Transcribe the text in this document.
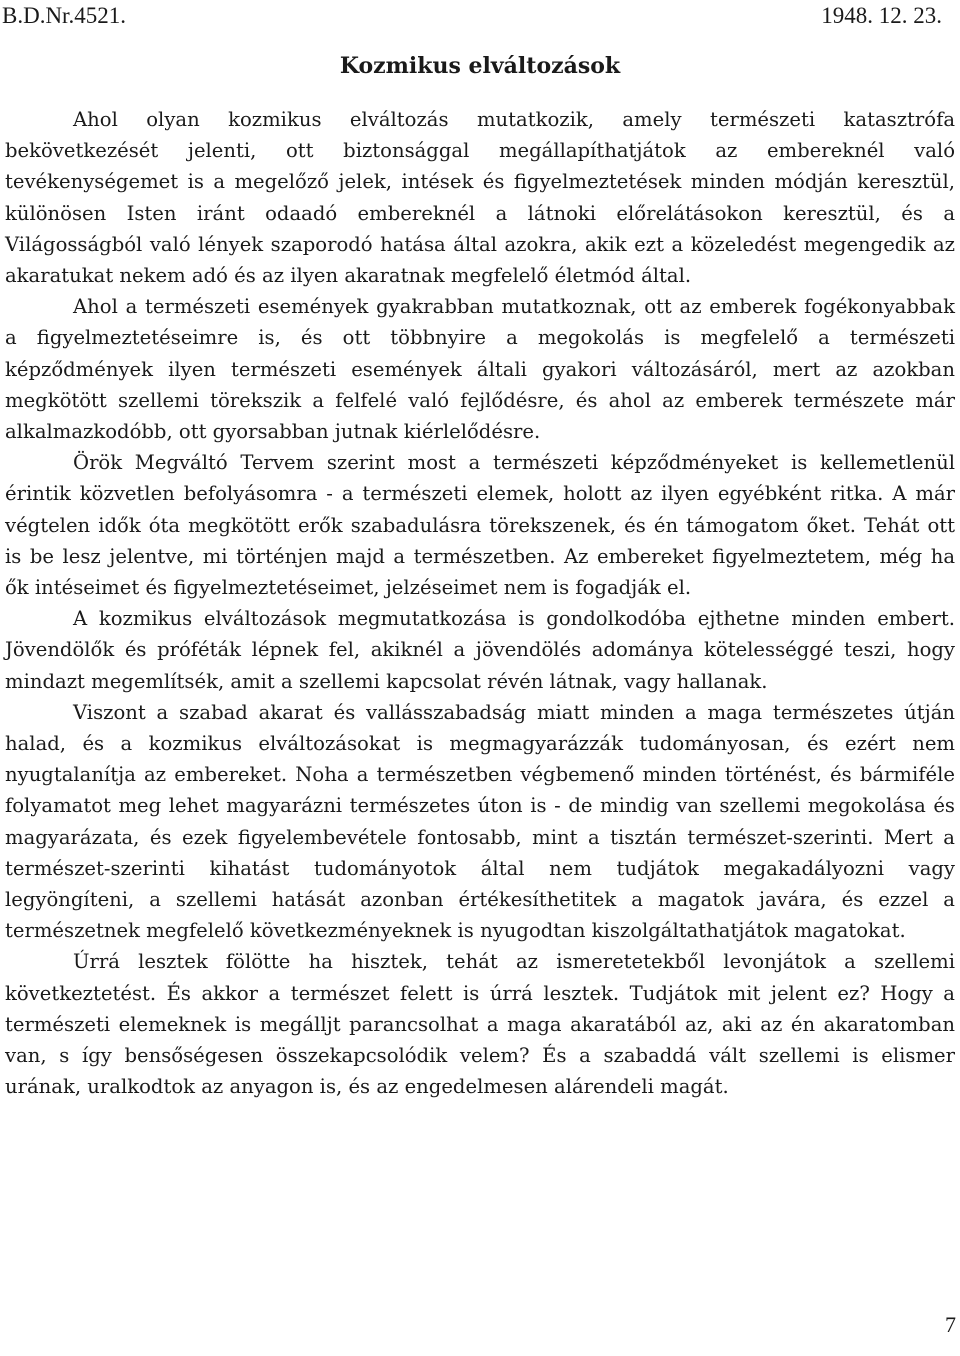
B.D.Nr.4521.	1948. 12. 23.
Kozmikus elváltozások

Ahol olyan kozmikus elváltozás mutatkozik, amely természeti katasztrófa bekövetkezését jelenti, ott biztonsággal megállapíthatjátok az embereknél való tevékenységemet is a megelőző jelek, intések és figyelmeztetések minden módján keresztül, különösen Isten iránt odaadó embereknél a látnoki előrelátásokon keresztül, és a Világosságból való lények szaporodó hatása által azokra, akik ezt a közeledést megengedik az akaratukat nekem adó és az ilyen akaratnak megfelelő életmód által.

Ahol a természeti események gyakrabban mutatkoznak, ott az emberek fogékonyabbak a figyelmeztetéseimre is, és ott többnyire a megokolás is megfelelő a természeti képződmények ilyen természeti események általi gyakori változásáról, mert az azokban megkötött szellemi törekszik a felfelé való fejlődésre, és ahol az emberek természete már alkalmazkodóbb, ott gyorsabban jutnak kiérlelődésre.

Örök Megváltó Tervem szerint most a természeti képződményeket is kellemetlenül érintik közvetlen befolyásomra - a természeti elemek, holott az ilyen egyébként ritka. A már végtelen idők óta megkötött erők szabadulásra törekszenek, és én támogatom őket. Tehát ott is be lesz jelentve, mi történjen majd a természetben. Az embereket figyelmeztetem, még ha ők intéseimet és figyelmeztetéseimet, jelzéseimet nem is fogadják el.

A kozmikus elváltozások megmutatkozása is gondolkodóba ejthetne minden embert. Jövendölők és próféták lépnek fel, akiknél a jövendölés adománya kötelességgé teszi, hogy mindazt megemlítsék, amit a szellemi kapcsolat révén látnak, vagy hallanak.

Viszont a szabad akarat és vallásszabadság miatt minden a maga természetes útján halad, és a kozmikus elváltozásokat is megmagyarázzák tudományosan, és ezért nem nyugtalanítja az embereket. Noha a természetben végbemenő minden történést, és bármiféle folyamatot meg lehet magyarázni természetes úton is - de mindig van szellemi megokolása és magyarázata, és ezek figyelembevétele fontosabb, mint a tisztán természet-szerinti. Mert a természet-szerinti kihatást tudományotok által nem tudjátok megakadályozni vagy legyöngíteni, a szellemi hatását azonban értékesíthetitek a magatok javára, és ezzel a természetnek megfelelő következményeknek is nyugodtan kiszolgáltathatjátok magatokat.

Úrrá lesztek fölötte ha hisztek, tehát az ismeretetekből levonjátok a szellemi következtetést. És akkor a természet felett is úrrá lesztek. Tudjátok mit jelent ez? Hogy a természeti elemeknek is megálljt parancsolhat a maga akaratából az, aki az én akaratomban van, s így bensőségesen összekapcsolódik velem? És a szabaddá vált szellemi is elismer urának, uralkodtok az anyagon is, és az engedelmesen alárendeli magát.

7
